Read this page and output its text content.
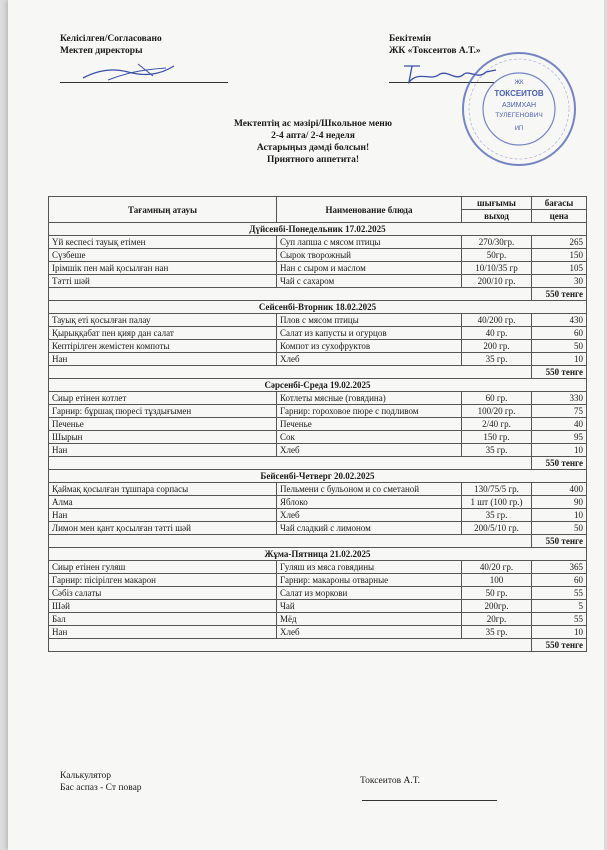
Келісілген/Согласовано
Мектеп директоры
Бекітемін
ЖК «Токсеитов А.Т.»
ЖК
ТОКСЕИТОВ
АЗИМХАН
ТУЛЕГЕНОВИЧ
ИП
Мектептің ас мәзірі/Школьное меню
2-4 апта/ 2-4 неделя
Астарыңыз дәмді болсын!
Приятного аппетита!
Тағамның атауы	Наименование блюда	шығымы	бағасы
		выход	цена
Дүйсенбі-Понедельник 17.02.2025			
Үй кеспесі тауық етімен	Суп лапша с мясом птицы	270/30гр.	265
Сүзбеше	Сырок творожный	50гр.	150
Ірімшік пен май қосылған нан	Нан с сыром и маслом	10/10/35 гр	105
Тәтті шәй	Чай с сахаром	200/10 гр.	30
			550 тенге
Сейсенбі-Вторник 18.02.2025			
Тауық еті қосылған палау	Плов с мясом птицы	40/200 гр.	430
Қырыққабат пен қияр дан салат	Салат из капусты и огурцов	40 гр.	60
Кептірілген жемістен компоты	Компот из сухофруктов	200 гр.	50
Нан	Хлеб	35 гр.	10
			550 тенге
Сәрсенбі-Среда 19.02.2025			
Сиыр етінен котлет	Котлеты мясные (говядина)	60 гр.	330
Гарнир: бұршақ пюресі тұздығымен	Гарнир: гороховое пюре с подливом	100/20 гр.	75
Печенье	Печенье	2/40 гр.	40
Шырын	Сок	150 гр.	95
Нан	Хлеб	35 гр.	10
			550 тенге
Бейсенбі-Четверг 20.02.2025			
Қаймақ қосылған тұшпара сорпасы	Пельмени с бульоном и со сметаной	130/75/5 гр.	400
Алма	Яблоко	1 шт (100 гр.)	90
Нан	Хлеб	35 гр.	10
Лимон мен қант қосылған тәтті шәй	Чай сладкий с лимоном	200/5/10 гр.	50
			550 тенге
Жұма-Пятница 21.02.2025			
Сиыр етінен гуляш	Гуляш из мяса говядины	40/20 гр.	365
Гарнир: пісірілген макарон	Гарнир: макароны отварные	100	60
Сәбіз салаты	Салат из моркови	50 гр.	55
Шәй	Чай	200гр.	5
Бал	Мёд	20гр.	55
Нан	Хлеб	35 гр.	10
			550 тенге
Калькулятор
Бас аспаз - Ст повар
Токсеитов А.Т.
